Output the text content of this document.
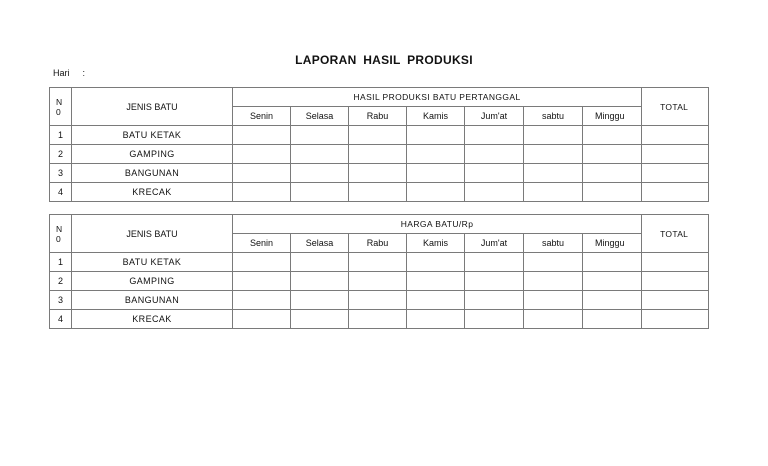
LAPORAN HASIL PRODUKSI
Hari :
N
0	JENIS BATU	HASIL PRODUKSI BATU PERTANGGAL							TOTAL
		Senin	Selasa	Rabu	Kamis	Jum'at	sabtu	Minggu	
1	BATU KETAK								
2	GAMPING								
3	BANGUNAN								
4	KRECAK								
N
0	JENIS BATU	HARGA BATU/Rp							TOTAL
		Senin	Selasa	Rabu	Kamis	Jum'at	sabtu	Minggu	
1	BATU KETAK								
2	GAMPING								
3	BANGUNAN								
4	KRECAK								
